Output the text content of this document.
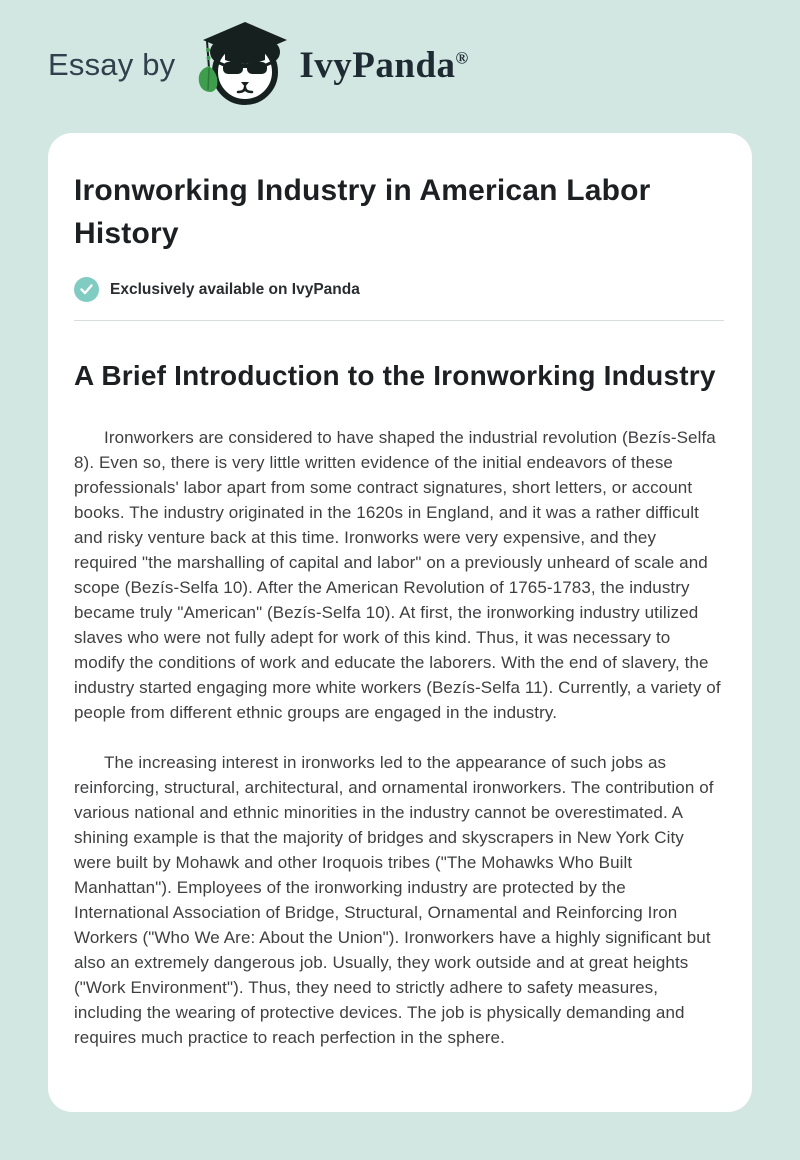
Essay by	IvyPanda®
Ironworking Industry in American Labor History
Exclusively available on IvyPanda
A Brief Introduction to the Ironworking Industry

Ironworkers are considered to have shaped the industrial revolution (Bezís-Selfa 8). Even so, there is very little written evidence of the initial endeavors of these professionals' labor apart from some contract signatures, short letters, or account books. The industry originated in the 1620s in England, and it was a rather difficult and risky venture back at this time. Ironworks were very expensive, and they required "the marshalling of capital and labor" on a previously unheard of scale and scope (Bezís-Selfa 10). After the American Revolution of 1765-1783, the industry became truly "American" (Bezís-Selfa 10). At first, the ironworking industry utilized slaves who were not fully adept for work of this kind. Thus, it was necessary to modify the conditions of work and educate the laborers. With the end of slavery, the industry started engaging more white workers (Bezís-Selfa 11). Currently, a variety of people from different ethnic groups are engaged in the industry.

The increasing interest in ironworks led to the appearance of such jobs as reinforcing, structural, architectural, and ornamental ironworkers. The contribution of various national and ethnic minorities in the industry cannot be overestimated. A shining example is that the majority of bridges and skyscrapers in New York City were built by Mohawk and other Iroquois tribes ("The Mohawks Who Built Manhattan"). Employees of the ironworking industry are protected by the International Association of Bridge, Structural, Ornamental and Reinforcing Iron Workers ("Who We Are: About the Union"). Ironworkers have a highly significant but also an extremely dangerous job. Usually, they work outside and at great heights ("Work Environment"). Thus, they need to strictly adhere to safety measures, including the wearing of protective devices. The job is physically demanding and requires much practice to reach perfection in the sphere.
